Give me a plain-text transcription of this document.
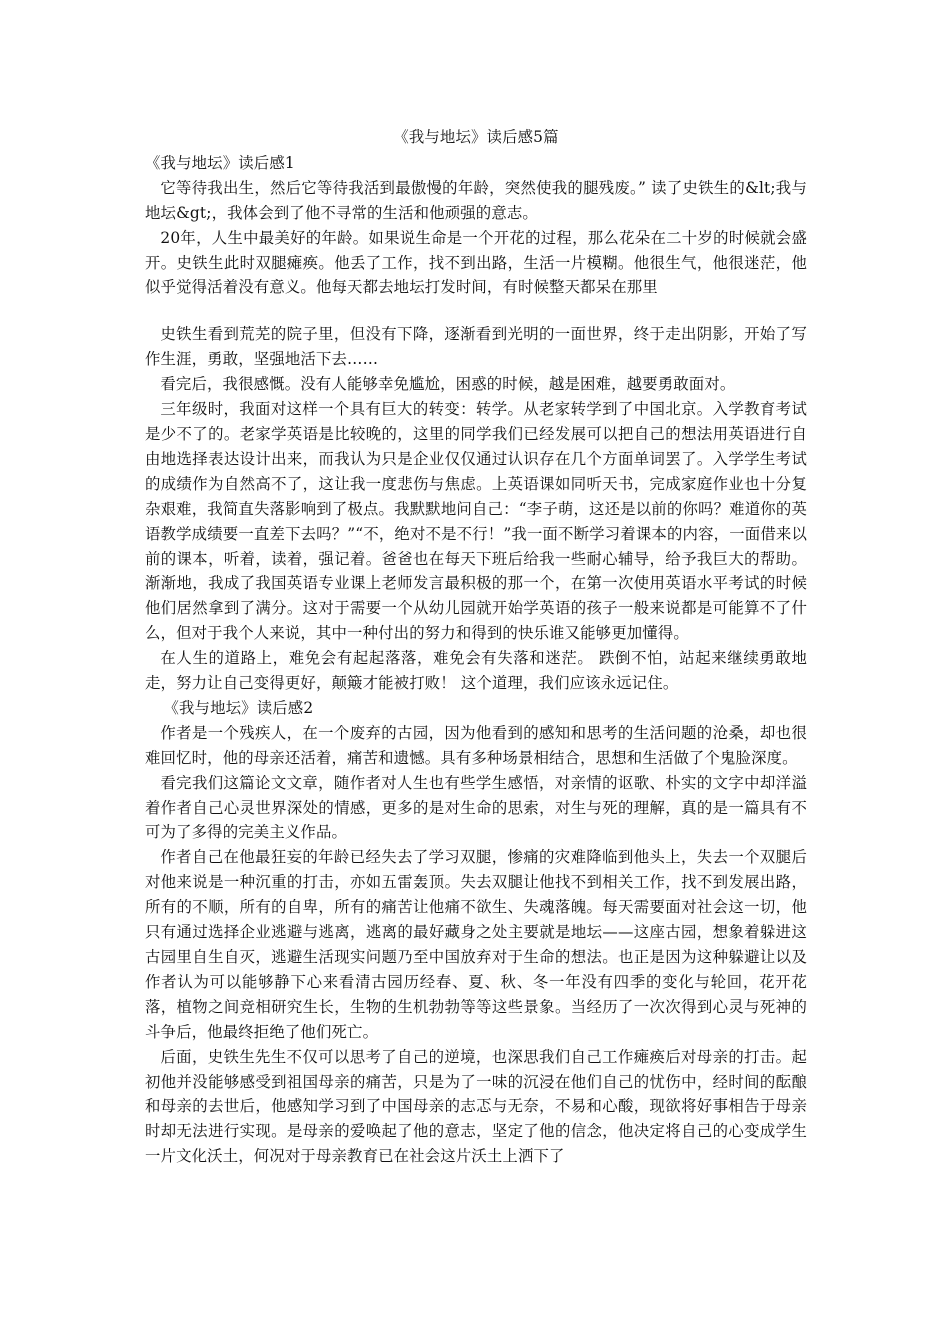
《我与地坛》读后感5篇
《我与地坛》读后感1

它等待我出生，然后它等待我活到最傲慢的年龄，突然使我的腿残废。” 读了史铁生的&lt;我与地坛&gt;，我体会到了他不寻常的生活和他顽强的意志。

20年，人生中最美好的年龄。如果说生命是一个开花的过程，那么花朵在二十岁的时候就会盛开。史铁生此时双腿瘫痪。他丢了工作，找不到出路，生活一片模糊。他很生气，他很迷茫，他似乎觉得活着没有意义。他每天都去地坛打发时间，有时候整天都呆在那里

史铁生看到荒芜的院子里，但没有下降，逐渐看到光明的一面世界，终于走出阴影，开始了写作生涯，勇敢，坚强地活下去……

看完后，我很感慨。没有人能够幸免尴尬，困惑的时候，越是困难，越要勇敢面对。

三年级时，我面对这样一个具有巨大的转变：转学。从老家转学到了中国北京。入学教育考试是少不了的。老家学英语是比较晚的，这里的同学我们已经发展可以把自己的想法用英语进行自由地选择表达设计出来，而我认为只是企业仅仅通过认识存在几个方面单词罢了。入学学生考试的成绩作为自然高不了，这让我一度悲伤与焦虑。上英语课如同听天书，完成家庭作业也十分复杂艰难，我简直失落影响到了极点。我默默地问自己：“李子萌，这还是以前的你吗？难道你的英语教学成绩要一直差下去吗？”“不，绝对不是不行！”我一面不断学习着课本的内容，一面借来以前的课本，听着，读着，强记着。爸爸也在每天下班后给我一些耐心辅导，给予我巨大的帮助。渐渐地，我成了我国英语专业课上老师发言最积极的那一个，在第一次使用英语水平考试的时候他们居然拿到了满分。这对于需要一个从幼儿园就开始学英语的孩子一般来说都是可能算不了什么，但对于我个人来说，其中一种付出的努力和得到的快乐谁又能够更加懂得。

在人生的道路上，难免会有起起落落，难免会有失落和迷茫。 跌倒不怕，站起来继续勇敢地走，努力让自己变得更好，颠簸才能被打败！ 这个道理，我们应该永远记住。

《我与地坛》读后感2

作者是一个残疾人，在一个废弃的古园，因为他看到的感知和思考的生活问题的沧桑，却也很难回忆时，他的母亲还活着，痛苦和遗憾。具有多种场景相结合，思想和生活做了个鬼脸深度。

看完我们这篇论文文章，随作者对人生也有些学生感悟，对亲情的讴歌、朴实的文字中却洋溢着作者自己心灵世界深处的情感，更多的是对生命的思索，对生与死的理解，真的是一篇具有不可为了多得的完美主义作品。

作者自己在他最狂妄的年龄已经失去了学习双腿，惨痛的灾难降临到他头上，失去一个双腿后对他来说是一种沉重的打击，亦如五雷轰顶。失去双腿让他找不到相关工作，找不到发展出路，所有的不顺，所有的自卑，所有的痛苦让他痛不欲生、失魂落魄。每天需要面对社会这一切，他只有通过选择企业逃避与逃离，逃离的最好藏身之处主要就是地坛——这座古园，想象着躲进这古园里自生自灭，逃避生活现实问题乃至中国放弃对于生命的想法。也正是因为这种躲避让以及作者认为可以能够静下心来看清古园历经春、夏、秋、冬一年没有四季的变化与轮回，花开花落，植物之间竞相研究生长，生物的生机勃勃等等这些景象。当经历了一次次得到心灵与死神的斗争后，他最终拒绝了他们死亡。

后面，史铁生先生不仅可以思考了自己的逆境，也深思我们自己工作瘫痪后对母亲的打击。起初他并没能够感受到祖国母亲的痛苦，只是为了一味的沉浸在他们自己的忧伤中，经时间的酝酿和母亲的去世后，他感知学习到了中国母亲的志忑与无奈，不易和心酸，现欲将好事相告于母亲时却无法进行实现。是母亲的爱唤起了他的意志，坚定了他的信念，他决定将自己的心变成学生一片文化沃土，何况对于母亲教育已在社会这片沃土上洒下了
